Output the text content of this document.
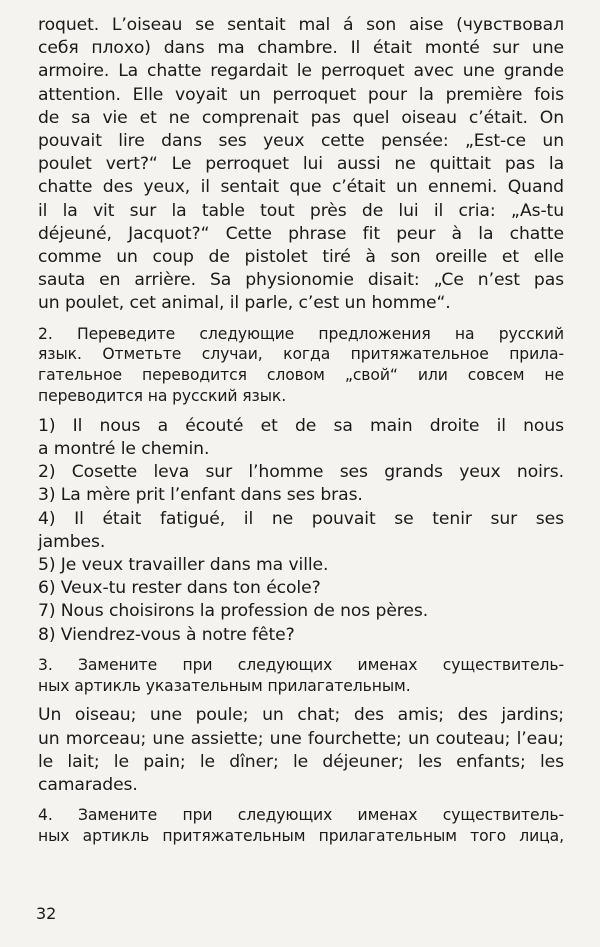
roquet. L’oiseau se sentait mal á son aise (чувствовал
себя плохо) dans ma chambre. Il était monté sur une
armoire. La chatte regardait le perroquet avec une grande
attention. Elle voyait un perroquet pour la première fois
de sa vie et ne comprenait pas quel oiseau c’était. On
pouvait lire dans ses yeux cette pensée: „Est-ce un
poulet vert?“ Le perroquet lui aussi ne quittait pas la
chatte des yeux, il sentait que c’était un ennemi. Quand
il la vit sur la table tout près de lui il cria: „As-tu
déjeuné, Jacquot?“ Cette phrase fit peur à la chatte
comme un coup de pistolet tiré à son oreille et elle
sauta en arrière. Sa physionomie disait: „Ce n’est pas
un poulet, cet animal, il parle, c’est un homme“.
2. Переведите следующие предложения на русский
язык. Отметьте случаи, когда притяжательное прила-
гательное переводится словом „свой“ или совсем не
переводится на русский язык.
1) Il nous a écouté et de sa main droite il nous
a montré le chemin.
2) Cosette leva sur l’homme ses grands yeux noirs.
3) La mère prit l’enfant dans ses bras.
4) Il était fatigué, il ne pouvait se tenir sur ses
jambes.
5) Je veux travailler dans ma ville.
6) Veux-tu rester dans ton école?
7) Nous choisirons la profession de nos pères.
8) Viendrez-vous à notre fête?
3. Замените при следующих именах существитель-
ных артикль указательным прилагательным.
Un oiseau; une poule; un chat; des amis; des jardins;
un morceau; une assiette; une fourchette; un couteau; l’eau;
le lait; le pain; le dîner; le déjeuner; les enfants; les
camarades.
4. Замените при следующих именах существитель-
ных артикль притяжательным прилагательным того лица,
32
